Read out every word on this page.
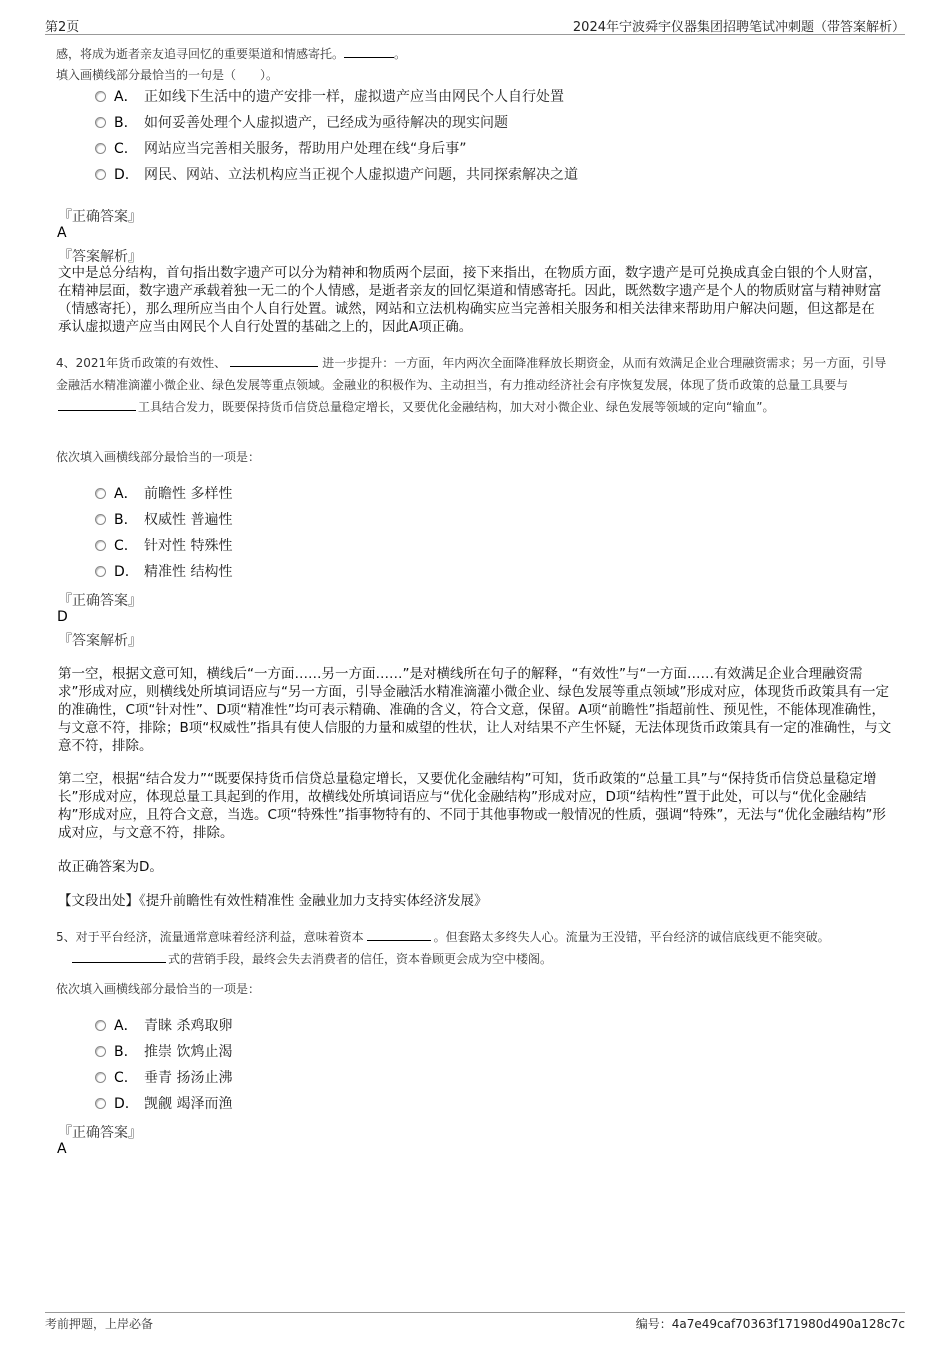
第2页	2024年宁波舜宇仪器集团招聘笔试冲刺题（带答案解析）

感，将成为逝者亲友追寻回忆的重要渠道和情感寄托。	。

填入画横线部分最恰当的一句是（　　）。

A． 正如线下生活中的遗产安排一样，虚拟遗产应当由网民个人自行处置
B. 如何妥善处理个人虚拟遗产，已经成为亟待解决的现实问题
C. 网站应当完善相关服务，帮助用户处理在线“身后事”
D. 网民、网站、立法机构应当正视个人虚拟遗产问题，共同探索解决之道
『正确答案』
A
『答案解析』
文中是总分结构，首句指出数字遗产可以分为精神和物质两个层面，接下来指出，在物质方面，数字遗产是可兑换成真金白银的个人财富，在精神层面，数字遗产承载着独一无二的个人情感，是逝者亲友的回忆渠道和情感寄托。因此，既然数字遗产是个人的物质财富与精神财富（情感寄托），那么理所应当由个人自行处置。诚然，网站和立法机构确实应当完善相关服务和相关法律来帮助用户解决问题，但这都是在承认虚拟遗产应当由网民个人自行处置的基础之上的，因此A项正确。
4、2021年货币政策的有效性、	进一步提升：一方面，年内两次全面降准释放长期资金，从而有效满足企业合理融资需求；另一方面，引导金融活水精准滴灌小微企业、绿色发展等重点领域。金融业的积极作为、主动担当，有力推动经济社会有序恢复发展，体现了货币政策的总量工具要与工具结合发力，既要保持货币信贷总量稳定增长，又要优化金融结构，加大对小微企业、绿色发展等领域的定向“输血”。
依次填入画横线部分最恰当的一项是：
A． 前瞻性 多样性
B. 权威性 普遍性
C. 针对性 特殊性
D. 精准性 结构性
『正确答案』
D
『答案解析』
第一空，根据文意可知，横线后“一方面……另一方面……”是对横线所在句子的解释，“有效性”与“一方面……有效满足企业合理融资需求”形成对应，则横线处所填词语应与“另一方面，引导金融活水精准滴灌小微企业、绿色发展等重点领域”形成对应，体现货币政策具有一定的准确性，C项“针对性”、D项“精准性”均可表示精确、准确的含义，符合文意，保留。A项“前瞻性”指超前性、预见性，不能体现准确性，与文意不符，排除；B项“权威性”指具有使人信服的力量和威望的性状，让人对结果不产生怀疑，无法体现货币政策具有一定的准确性，与文意不符，排除。
第二空，根据“结合发力”“既要保持货币信贷总量稳定增长，又要优化金融结构”可知，货币政策的“总量工具”与“保持货币信贷总量稳定增长”形成对应，体现总量工具起到的作用，故横线处所填词语应与“优化金融结构”形成对应，D项“结构性”置于此处，可以与“优化金融结构”形成对应，且符合文意，当选。C项“特殊性”指事物特有的、不同于其他事物或一般情况的性质，强调“特殊”，无法与“优化金融结构”形成对应，与文意不符，排除。
故正确答案为D。
【文段出处】《提升前瞻性有效性精准性 金融业加力支持实体经济发展》
5、对于平台经济，流量通常意味着经济利益，意味着资本	。但套路太多终失人心。流量为王没错，平台经济的诚信底线更不能突破。式的营销手段，最终会失去消费者的信任，资本眷顾更会成为空中楼阁。
依次填入画横线部分最恰当的一项是：
A． 青睐 杀鸡取卵
B. 推崇 饮鸩止渴
C. 垂青 扬汤止沸
D. 觊觎 竭泽而渔
『正确答案』
A
考前押题，上岸必备	编号：4a7e49caf70363f171980d490a128c7c
